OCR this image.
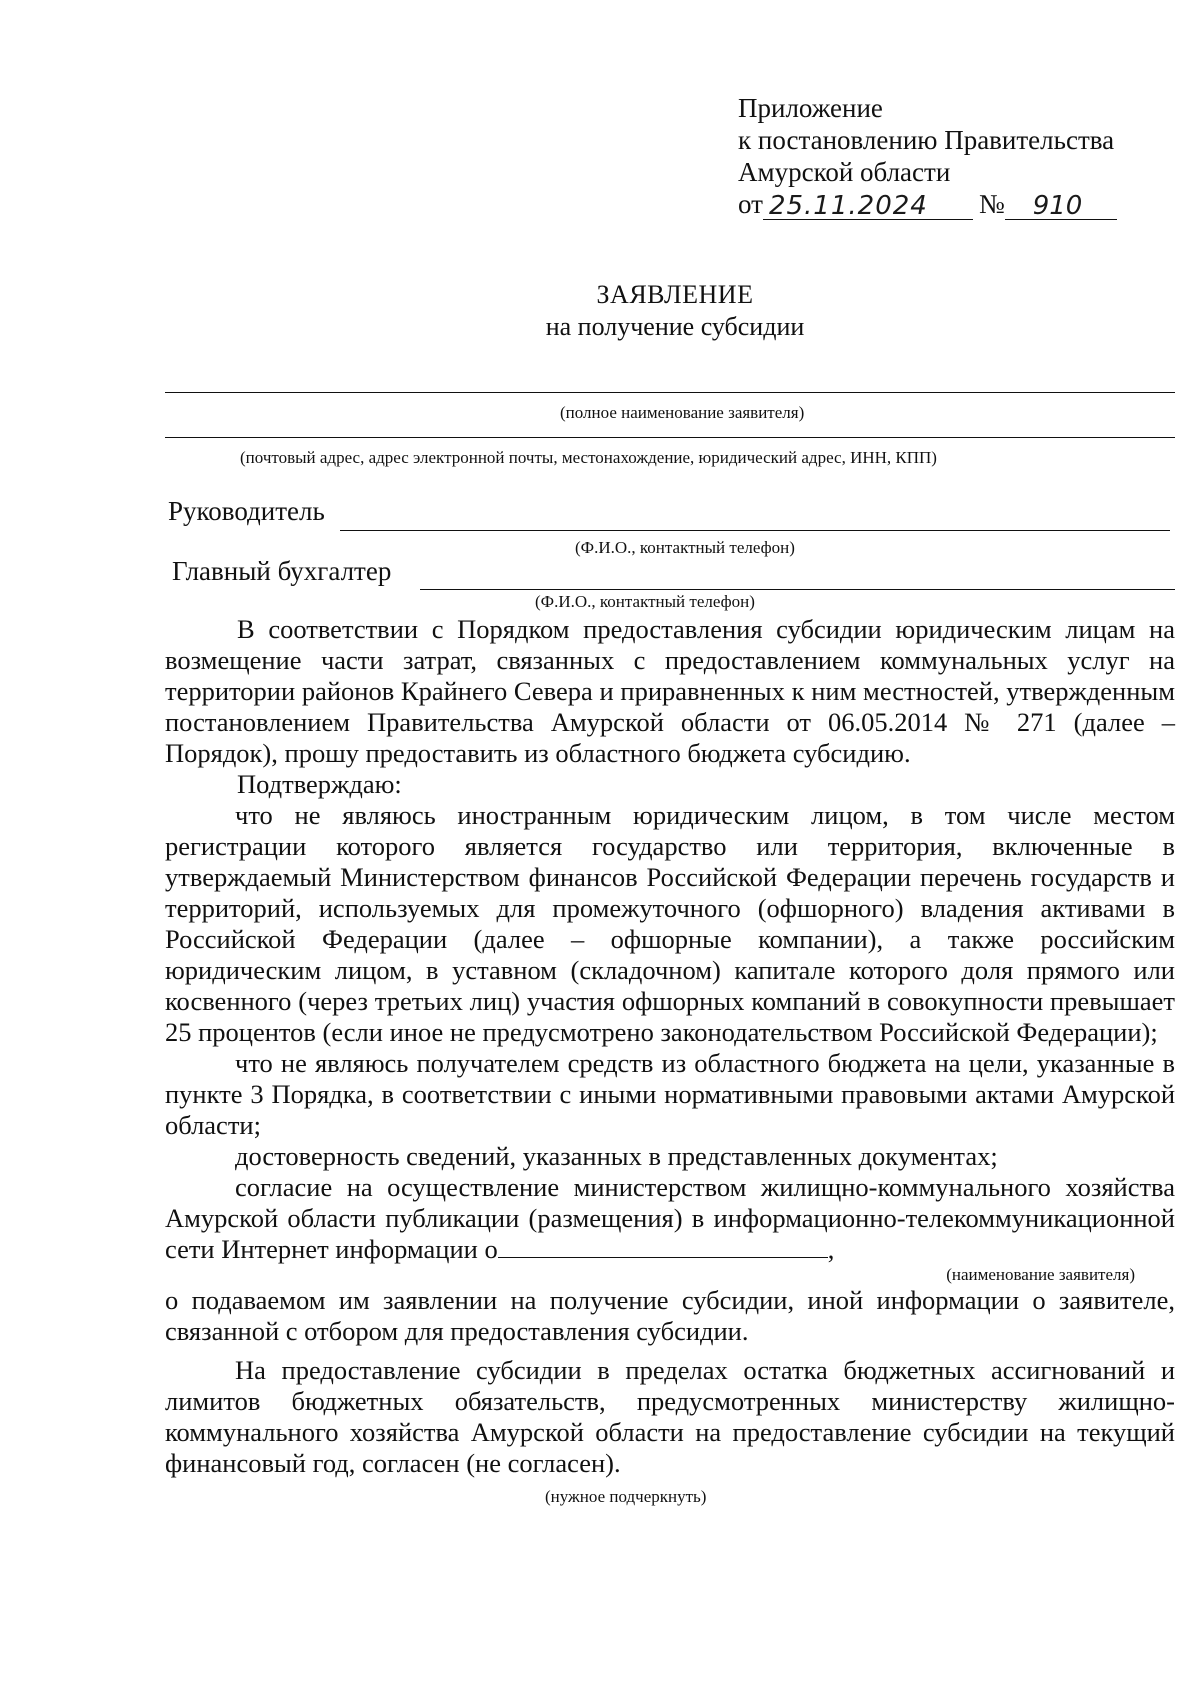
Приложение
к постановлению Правительства
Амурской области
от 25.11.2024	№	910
ЗАЯВЛЕНИЕ
на получение субсидии
(полное наименование заявителя)
(почтовый адрес, адрес электронной почты, местонахождение, юридический адрес, ИНН, КПП)
Руководитель
(Ф.И.О., контактный телефон)
Главный бухгалтер
(Ф.И.О., контактный телефон)

В соответствии с Порядком предоставления субсидии юридическим лицам на возмещение части затрат, связанных с предоставлением коммунальных услуг на территории районов Крайнего Севера и приравненных к ним местностей, утвержденным постановлением Правительства Амурской области от 06.05.2014 № 271 (далее – Порядок), прошу предоставить из областного бюджета субсидию.

Подтверждаю:

что не являюсь иностранным юридическим лицом, в том числе местом регистрации которого является государство или территория, включенные в утверждаемый Министерством финансов Российской Федерации перечень государств и территорий, используемых для промежуточного (офшорного) владения активами в Российской Федерации (далее – офшорные компании), а также российским юридическим лицом, в уставном (складочном) капитале которого доля прямого или косвенного (через третьих лиц) участия офшорных компаний в совокупности превышает 25 процентов (если иное не предусмотрено законодательством Российской Федерации);

что не являюсь получателем средств из областного бюджета на цели, указанные в пункте 3 Порядка, в соответствии с иными нормативными правовыми актами Амурской области;

достоверность сведений, указанных в представленных документах;

согласие на осуществление министерством жилищно-коммунального хозяйства Амурской области публикации (размещения) в информационно-телекоммуникационной сети Интернет информации о	,

(наименование заявителя)

о подаваемом им заявлении на получение субсидии, иной информации о заявителе, связанной с отбором для предоставления субсидии.

На предоставление субсидии в пределах остатка бюджетных ассигнований и лимитов бюджетных обязательств, предусмотренных министерству жилищно-коммунального хозяйства Амурской области на предоставление субсидии на текущий финансовый год, согласен (не согласен).

(нужное подчеркнуть)
